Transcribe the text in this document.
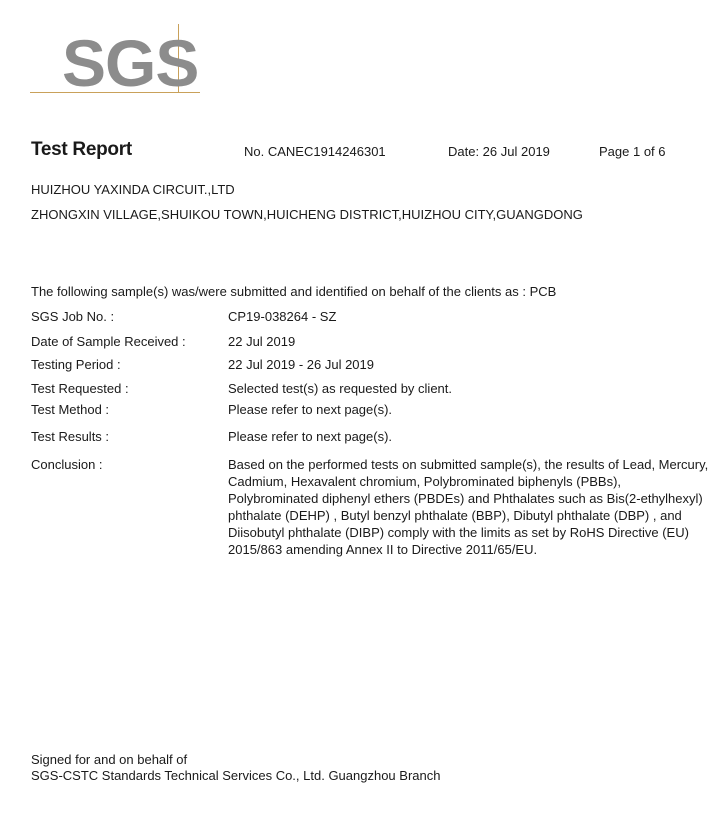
SGS
Test Report	No. CANEC1914246301	Date: 26 Jul 2019	Page 1 of 6
HUIZHOU YAXINDA CIRCUIT.,LTD
ZHONGXIN VILLAGE,SHUIKOU TOWN,HUICHENG DISTRICT,HUIZHOU CITY,GUANGDONG
The following sample(s) was/were submitted and identified on behalf of the clients as : PCB
SGS Job No. :	CP19-038264 - SZ
Date of Sample Received :	22 Jul 2019
Testing Period :	22 Jul 2019 - 26 Jul 2019
Test Requested :	Selected test(s) as requested by client.
Test Method :	Please refer to next page(s).
Test Results :	Please refer to next page(s).
Conclusion :	Based on the performed tests on submitted sample(s), the results of Lead, Mercury, Cadmium, Hexavalent chromium, Polybrominated biphenyls (PBBs), Polybrominated diphenyl ethers (PBDEs) and Phthalates such as Bis(2-ethylhexyl) phthalate (DEHP) , Butyl benzyl phthalate (BBP), Dibutyl phthalate (DBP) , and Diisobutyl phthalate (DIBP) comply with the limits as set by RoHS Directive (EU) 2015/863 amending Annex II to Directive 2011/65/EU.
Signed for and on behalf of
SGS-CSTC Standards Technical Services Co., Ltd. Guangzhou Branch
